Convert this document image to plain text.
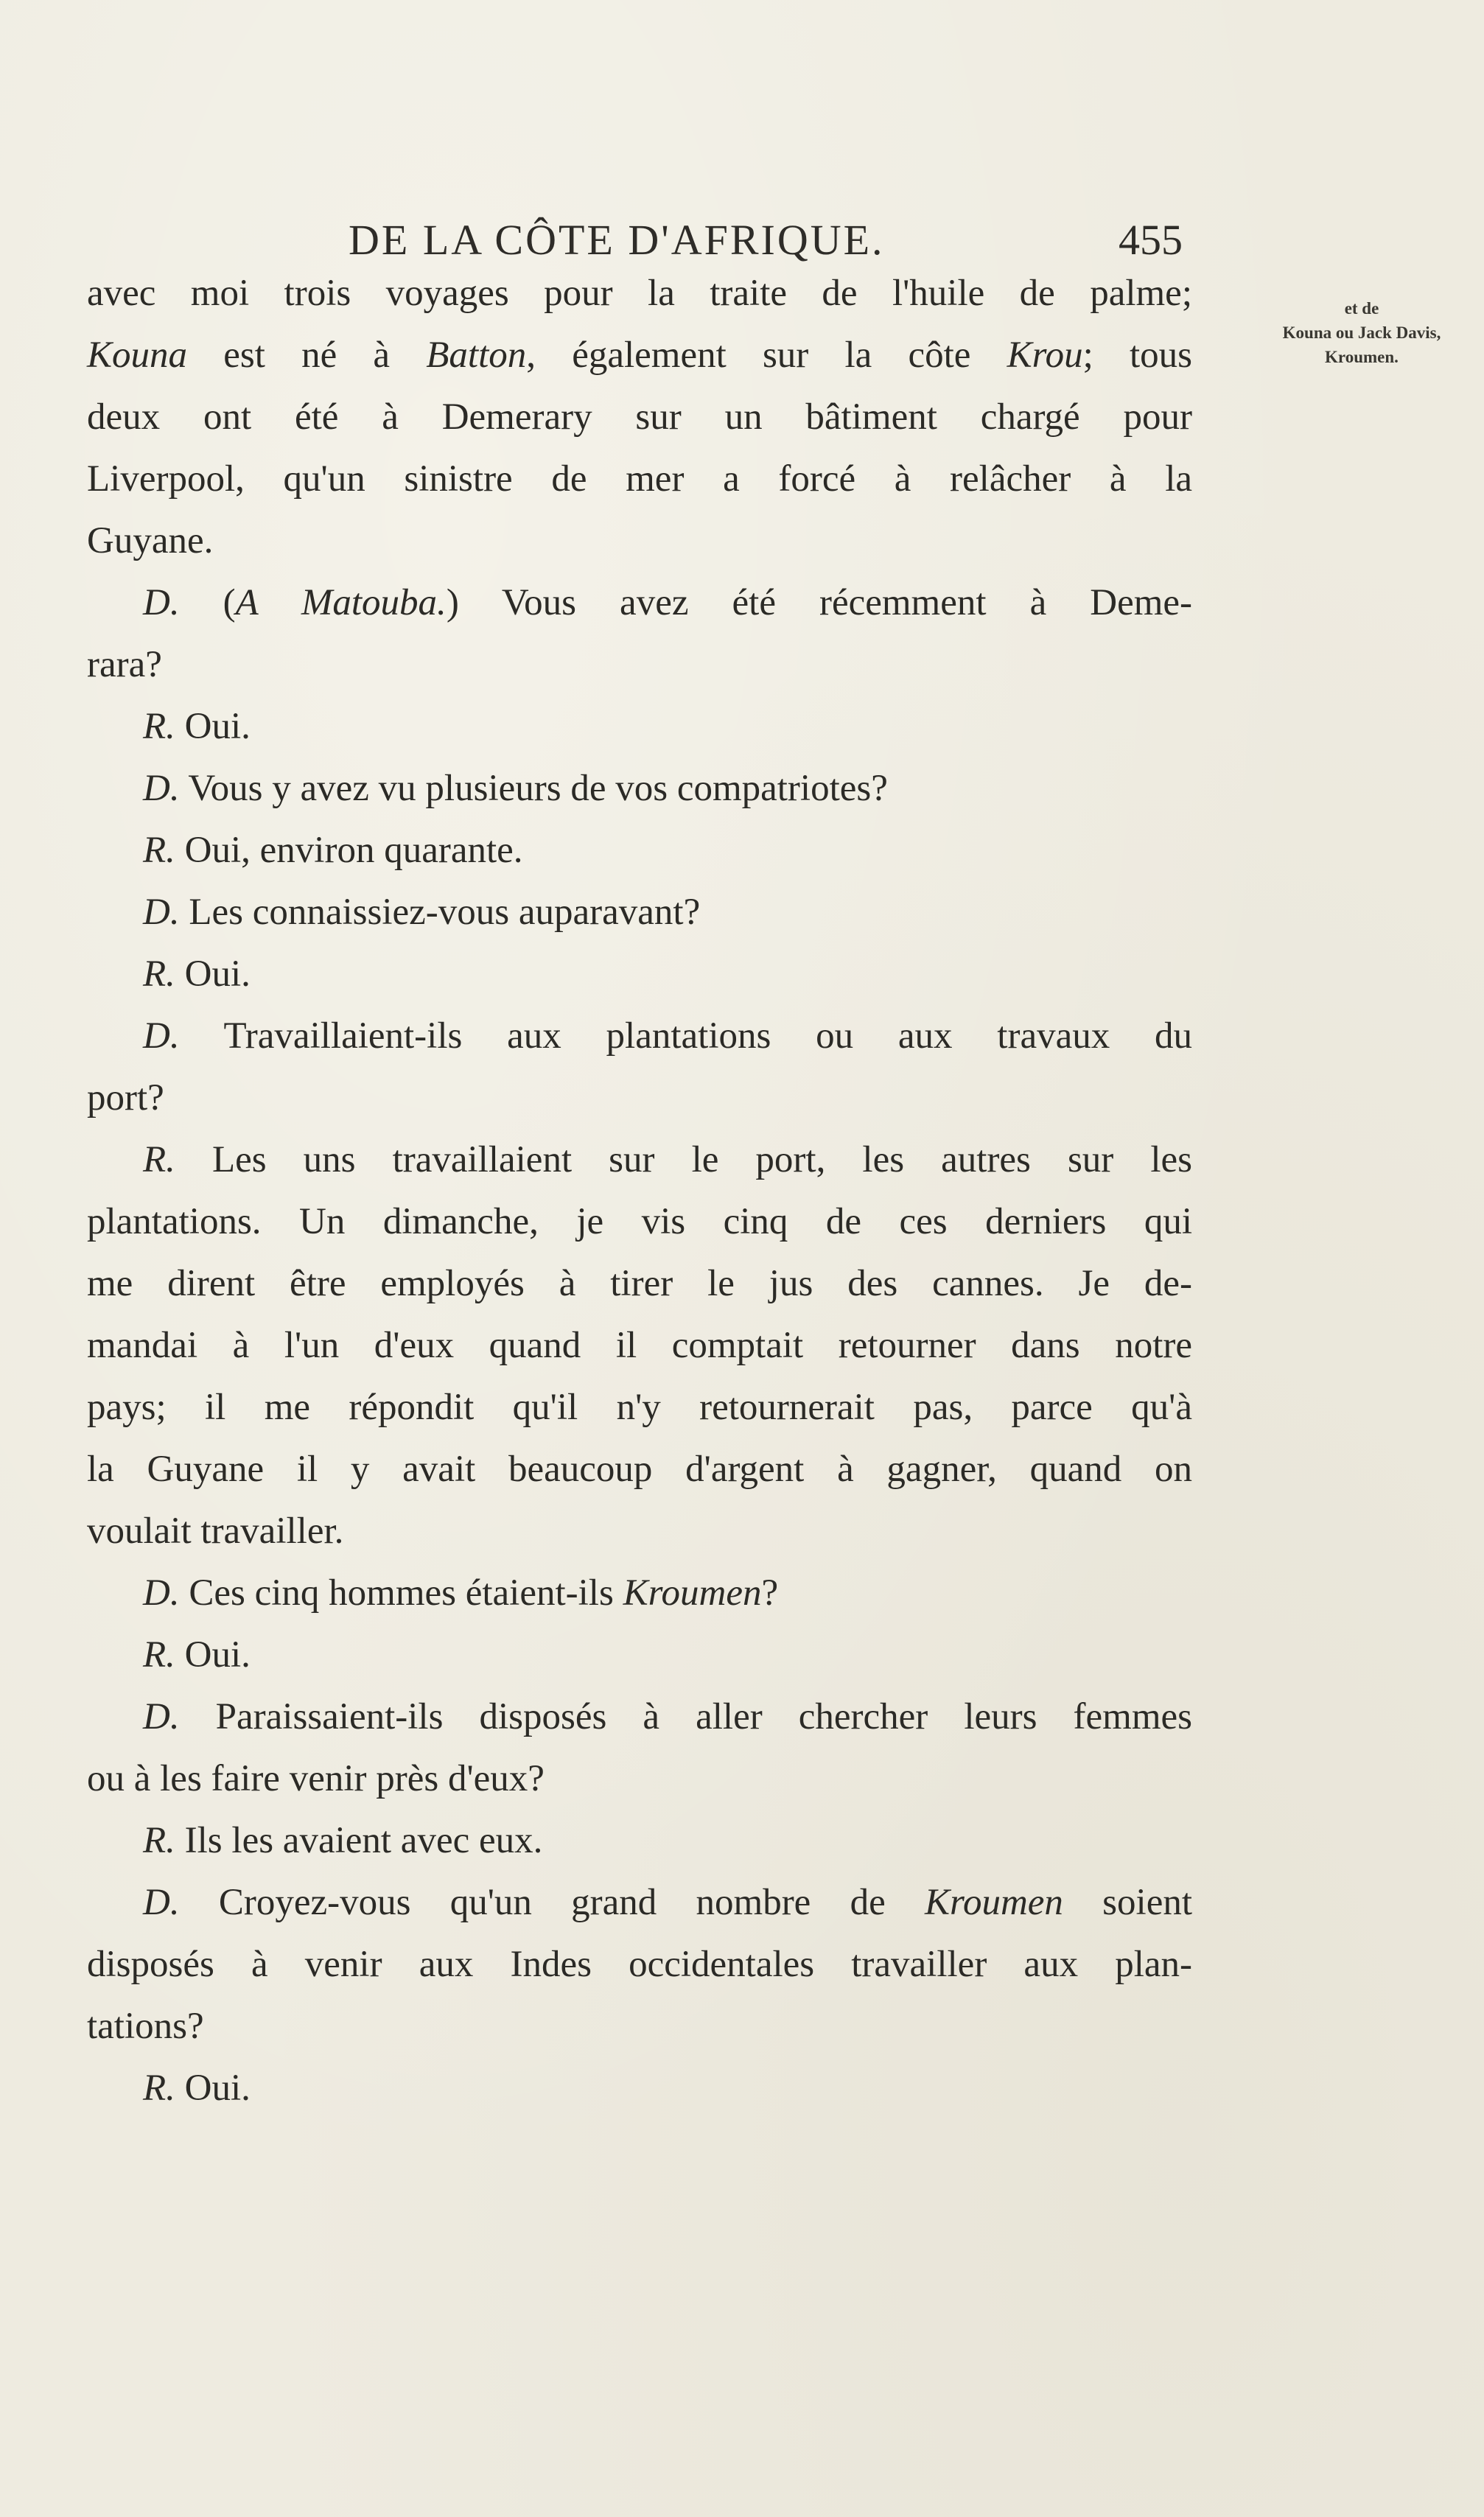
DE LA CÔTE D'AFRIQUE.	455
et de
Kouna ou Jack Davis,
Kroumen.
avec moi trois voyages pour la traite de l'huile de palme;
Kouna est né à Batton, également sur la côte Krou; tous
deux ont été à Demerary sur un bâtiment chargé pour
Liverpool, qu'un sinistre de mer a forcé à relâcher à la
Guyane.
D. (A Matouba.) Vous avez été récemment à Deme-
rara?
R. Oui.
D. Vous y avez vu plusieurs de vos compatriotes?
R. Oui, environ quarante.
D. Les connaissiez-vous auparavant?
R. Oui.
D. Travaillaient-ils aux plantations ou aux travaux du
port?
R. Les uns travaillaient sur le port, les autres sur les
plantations. Un dimanche, je vis cinq de ces derniers qui
me dirent être employés à tirer le jus des cannes. Je de-
mandai à l'un d'eux quand il comptait retourner dans notre
pays; il me répondit qu'il n'y retournerait pas, parce qu'à
la Guyane il y avait beaucoup d'argent à gagner, quand on
voulait travailler.
D. Ces cinq hommes étaient-ils Kroumen?
R. Oui.
D. Paraissaient-ils disposés à aller chercher leurs femmes
ou à les faire venir près d'eux?
R. Ils les avaient avec eux.
D. Croyez-vous qu'un grand nombre de Kroumen soient
disposés à venir aux Indes occidentales travailler aux plan-
tations?
R. Oui.
